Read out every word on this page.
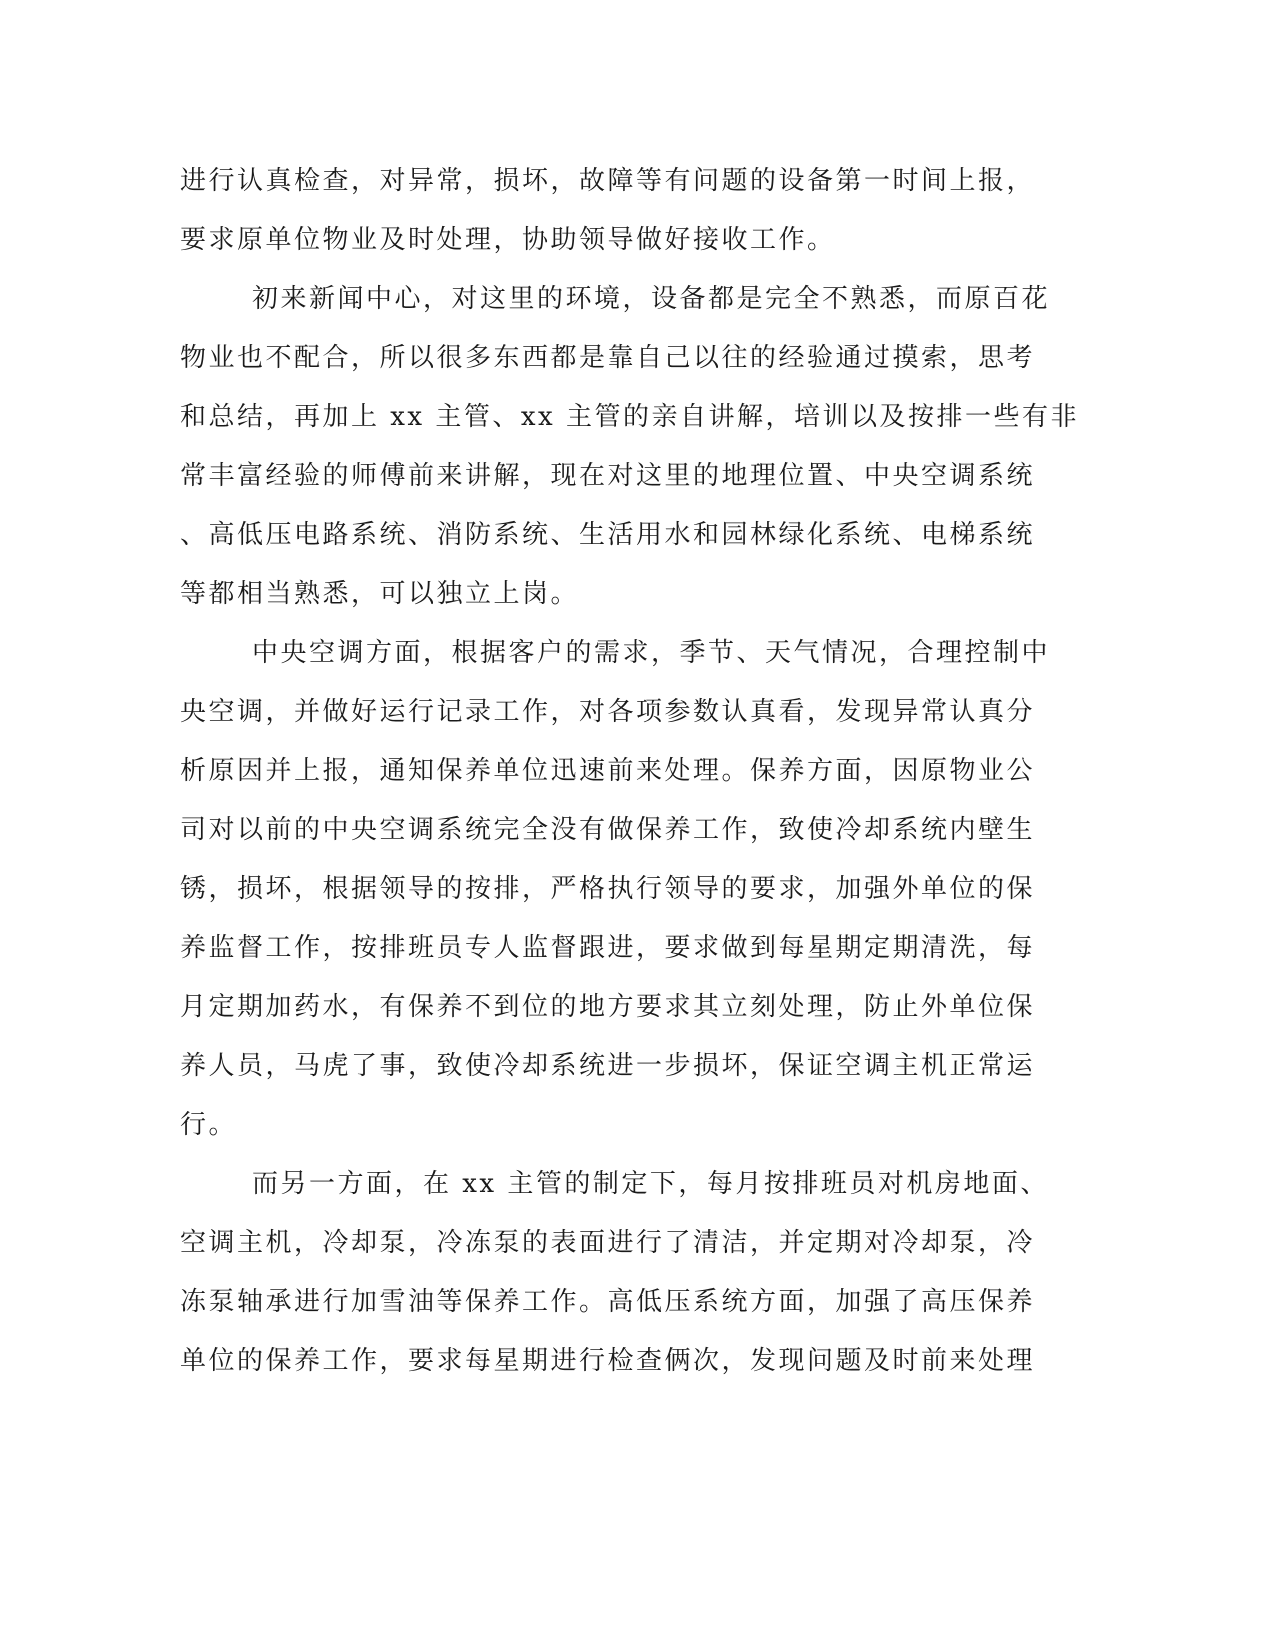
进行认真检查，对异常，损坏，故障等有问题的设备第一时间上报，
要求原单位物业及时处理，协助领导做好接收工作。
初来新闻中心，对这里的环境，设备都是完全不熟悉，而原百花
物业也不配合，所以很多东西都是靠自己以往的经验通过摸索，思考
和总结，再加上 xx 主管、xx 主管的亲自讲解，培训以及按排一些有非
常丰富经验的师傅前来讲解，现在对这里的地理位置、中央空调系统
、高低压电路系统、消防系统、生活用水和园林绿化系统、电梯系统
等都相当熟悉，可以独立上岗。
中央空调方面，根据客户的需求，季节、天气情况，合理控制中
央空调，并做好运行记录工作，对各项参数认真看，发现异常认真分
析原因并上报，通知保养单位迅速前来处理。保养方面，因原物业公
司对以前的中央空调系统完全没有做保养工作，致使冷却系统内壁生
锈，损坏，根据领导的按排，严格执行领导的要求，加强外单位的保
养监督工作，按排班员专人监督跟进，要求做到每星期定期清洗，每
月定期加药水，有保养不到位的地方要求其立刻处理，防止外单位保
养人员，马虎了事，致使冷却系统进一步损坏，保证空调主机正常运
行。
而另一方面，在 xx 主管的制定下，每月按排班员对机房地面、
空调主机，冷却泵，冷冻泵的表面进行了清洁，并定期对冷却泵，冷
冻泵轴承进行加雪油等保养工作。高低压系统方面，加强了高压保养
单位的保养工作，要求每星期进行检查俩次，发现问题及时前来处理
